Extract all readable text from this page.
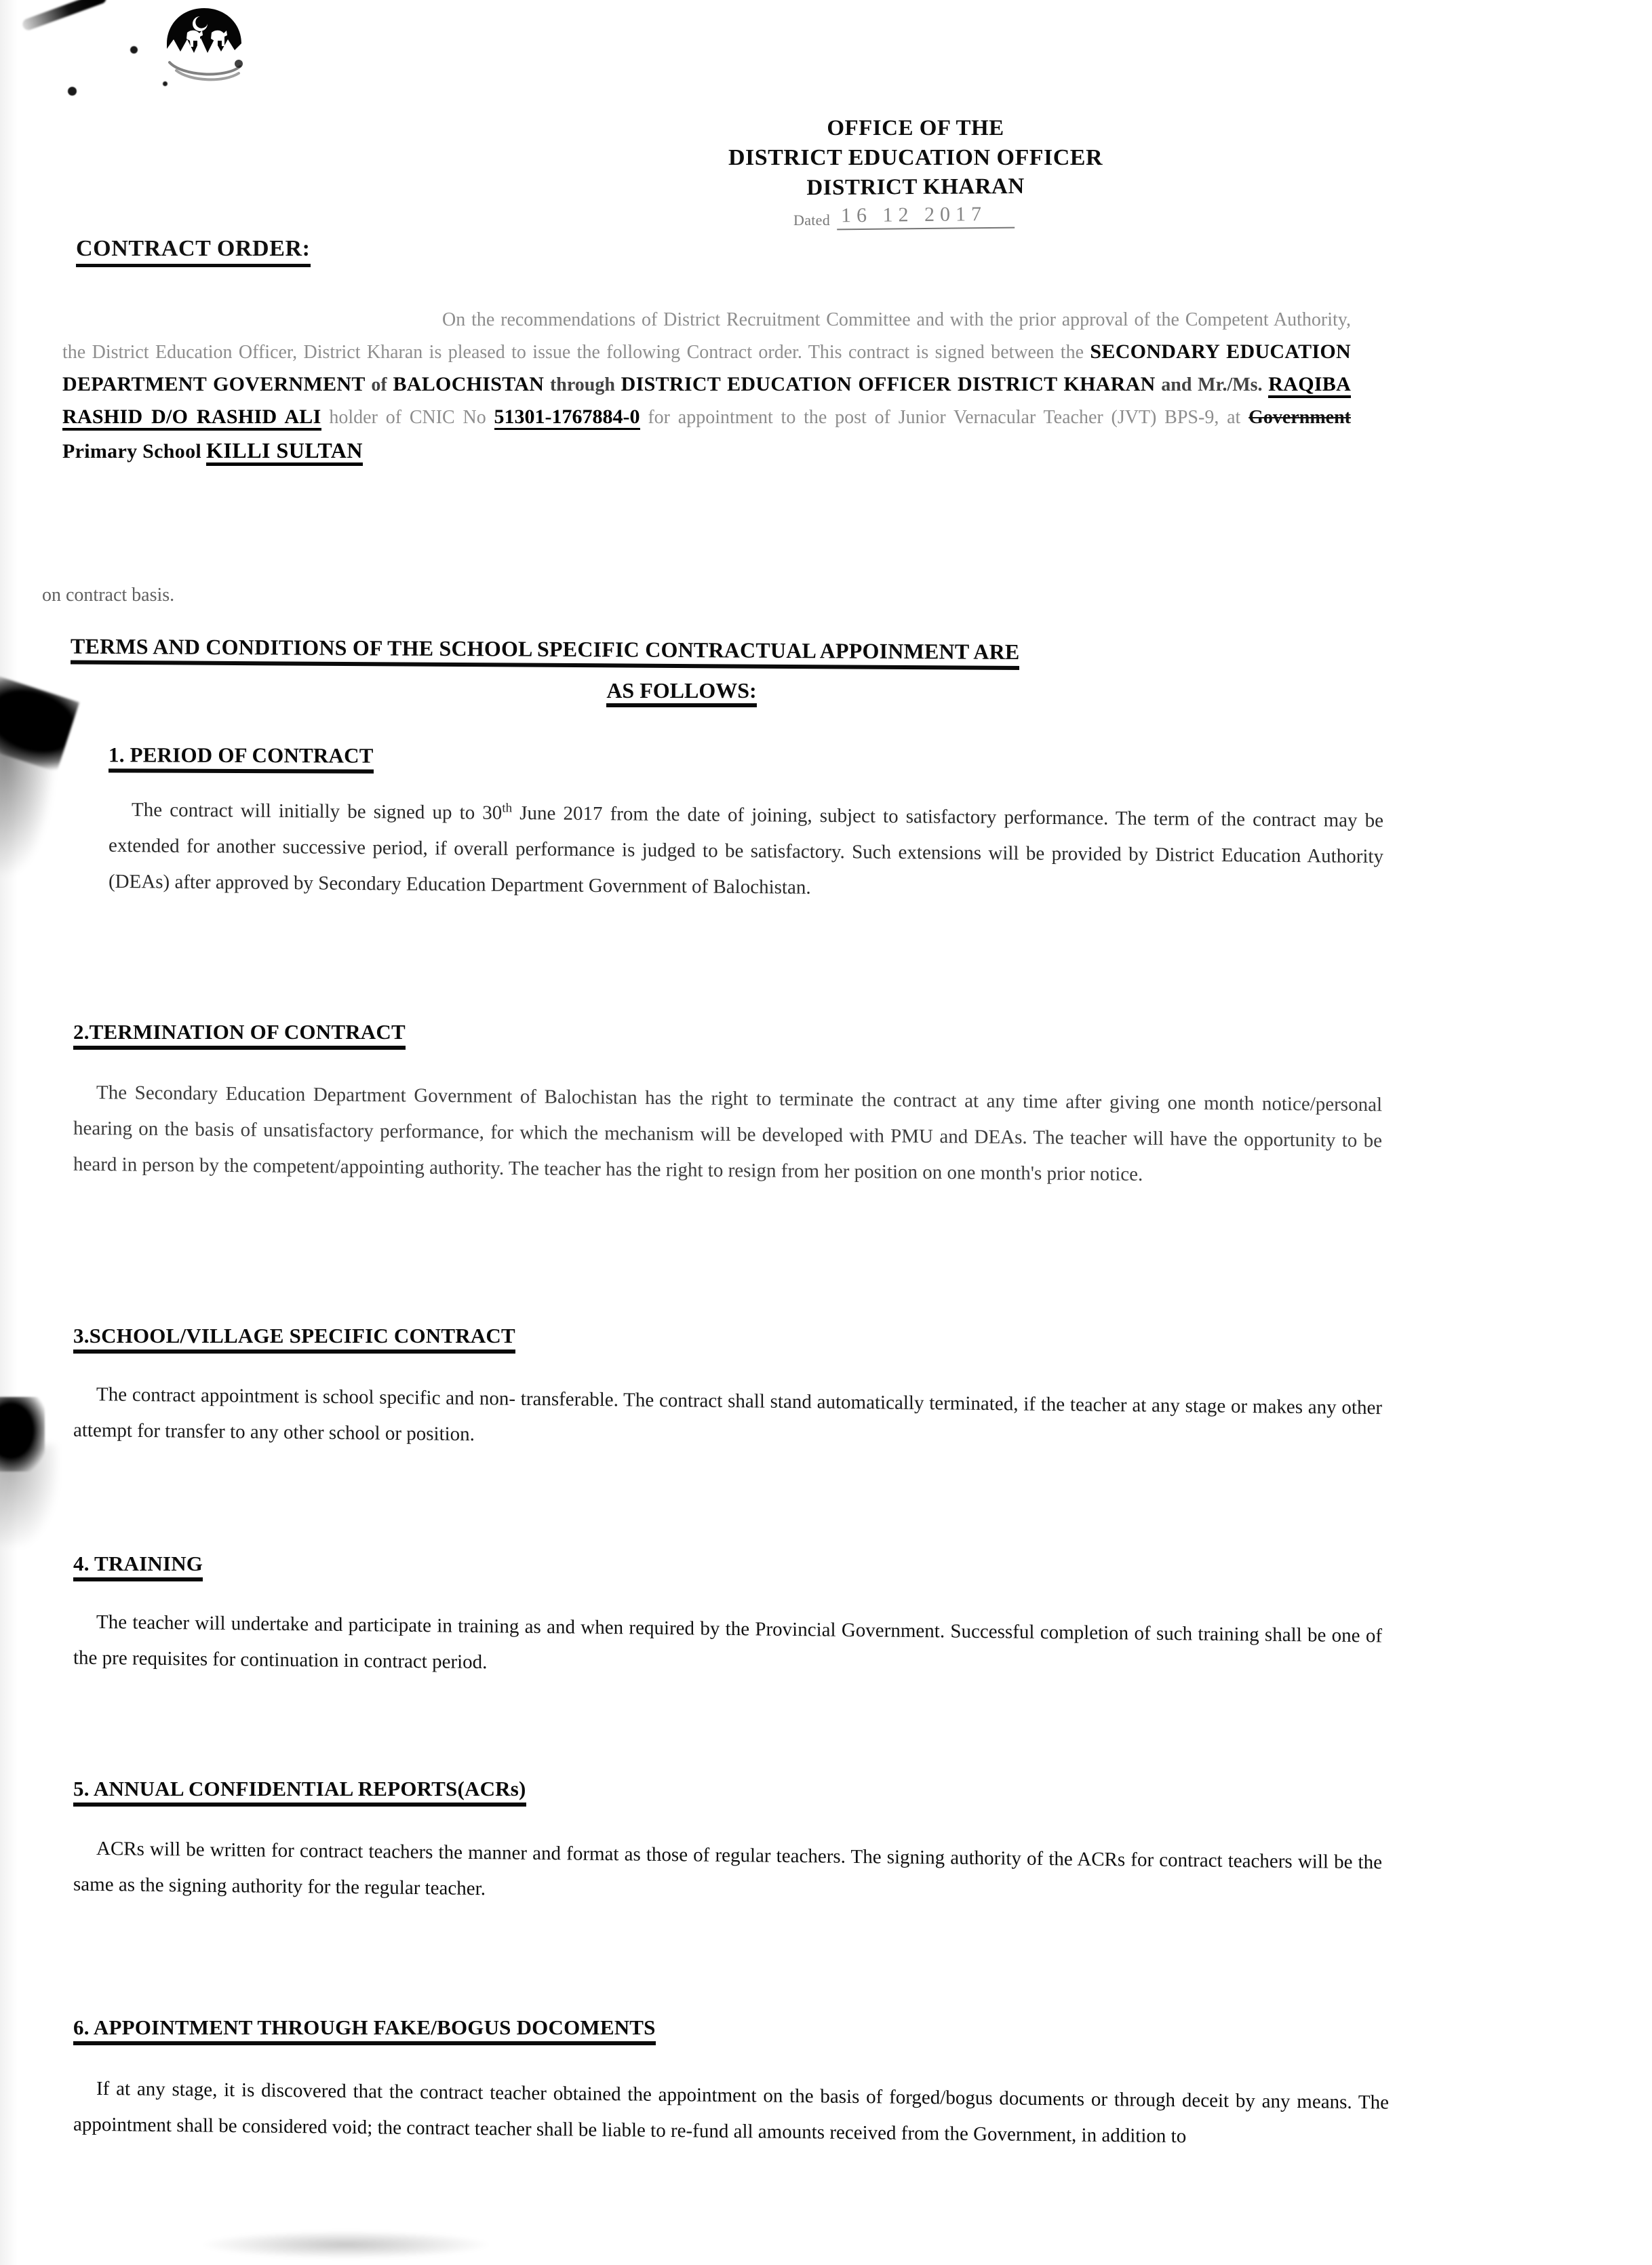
OFFICE OF THE
DISTRICT EDUCATION OFFICER
DISTRICT KHARAN
Dated 16 12 2017
CONTRACT ORDER:
On the recommendations of District Recruitment Committee and with the prior approval of the Competent Authority, the District Education Officer, District Kharan is pleased to issue the following Contract order. This contract is signed between the SECONDARY EDUCATION DEPARTMENT GOVERNMENT of BALOCHISTAN through DISTRICT EDUCATION OFFICER DISTRICT KHARAN and Mr./Ms. RAQIBA RASHID D/O RASHID ALI holder of CNIC No 51301-1767884-0 for appointment to the post of Junior Vernacular Teacher (JVT) BPS-9, at Government Primary School KILLI SULTAN
on contract basis.
TERMS AND CONDITIONS OF THE SCHOOL SPECIFIC CONTRACTUAL APPOINMENT ARE
AS FOLLOWS:
1. PERIOD OF CONTRACT
The contract will initially be signed up to 30th June 2017 from the date of joining, subject to satisfactory performance. The term of the contract may be extended for another successive period, if overall performance is judged to be satisfactory. Such extensions will be provided by District Education Authority (DEAs) after approved by Secondary Education Department Government of Balochistan.
2.TERMINATION OF CONTRACT
The Secondary Education Department Government of Balochistan has the right to terminate the contract at any time after giving one month notice/personal hearing on the basis of unsatisfactory performance, for which the mechanism will be developed with PMU and DEAs. The teacher will have the opportunity to be heard in person by the competent/appointing authority. The teacher has the right to resign from her position on one month's prior notice.
3.SCHOOL/VILLAGE SPECIFIC CONTRACT
The contract appointment is school specific and non- transferable. The contract shall stand automatically terminated, if the teacher at any stage or makes any other attempt for transfer to any other school or position.
4. TRAINING
The teacher will undertake and participate in training as and when required by the Provincial Government. Successful completion of such training shall be one of the pre requisites for continuation in contract period.
5. ANNUAL CONFIDENTIAL REPORTS(ACRs)
ACRs will be written for contract teachers the manner and format as those of regular teachers. The signing authority of the ACRs for contract teachers will be the same as the signing authority for the regular teacher.
6. APPOINTMENT THROUGH FAKE/BOGUS DOCOMENTS
If at any stage, it is discovered that the contract teacher obtained the appointment on the basis of forged/bogus documents or through deceit by any means. The appointment shall be considered void; the contract teacher shall be liable to re-fund all amounts received from the Government, in addition to
